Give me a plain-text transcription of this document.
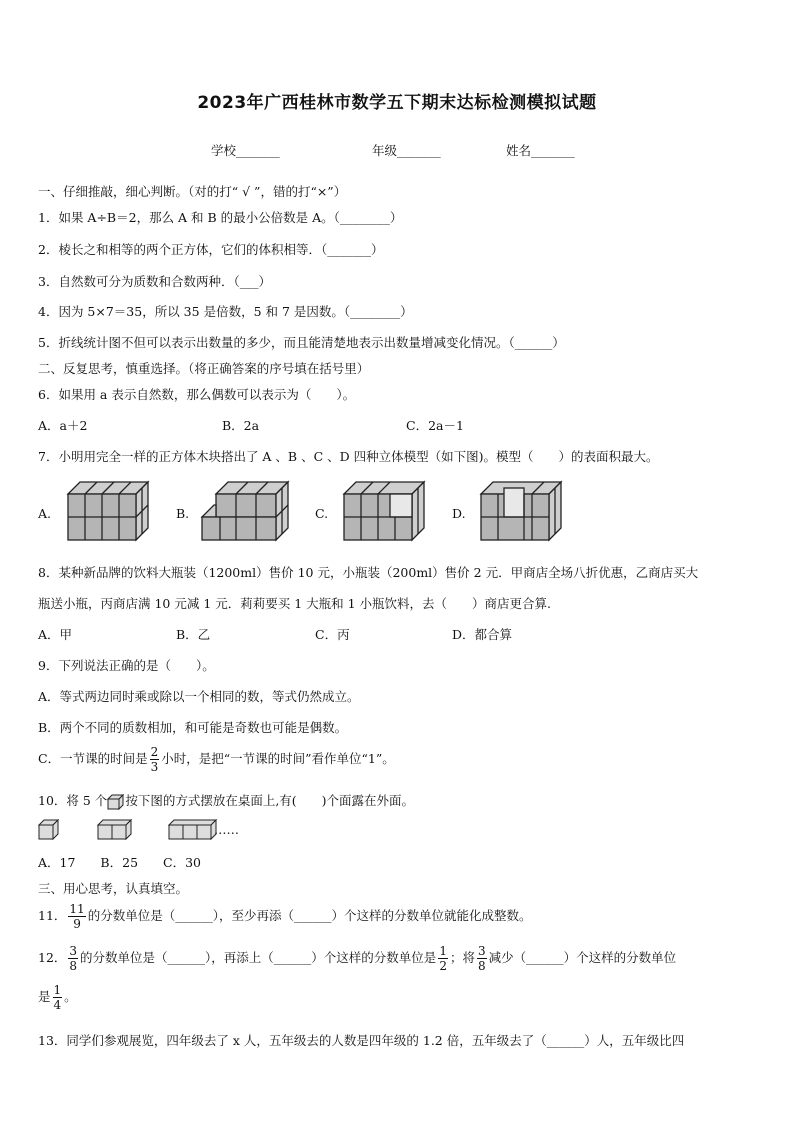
2023年广西桂林市数学五下期末达标检测模拟试题
学校_______	年级_______	姓名_______
一、仔细推敲，细心判断。（对的打“ √ ”，错的打“×”）
1．如果 A÷B＝2，那么 A 和 B 的最小公倍数是 A。（________）
2．棱长之和相等的两个正方体，它们的体积相等．（_______）
3．自然数可分为质数和合数两种．（___）
4．因为 5×7＝35，所以 35 是倍数，5 和 7 是因数。（________）
5．折线统计图不但可以表示出数量的多少，而且能清楚地表示出数量增减变化情况。（______）
二、反复思考，慎重选择。（将正确答案的序号填在括号里）
6．如果用 a 表示自然数，那么偶数可以表示为（　　）。
A．a＋2	B．2a	C．2a－1
7．小明用完全一样的正方体木块搭出了 A 、B 、C 、D 四种立体模型（如下图)。模型（　　）的表面积最大。
A.	B.	C.	D.
8．某种新品牌的饮料大瓶装（1200ml）售价 10 元，小瓶装（200ml）售价 2 元．甲商店全场八折优惠，乙商店买大
瓶送小瓶，丙商店满 10 元减 1 元．莉莉要买 1 大瓶和 1 小瓶饮料，去（　　）商店更合算.
A．甲	B．乙	C．丙	D．都合算
9．下列说法正确的是（　　）。
A．等式两边同时乘或除以一个相同的数，等式仍然成立。
B．两个不同的质数相加，和可能是奇数也可能是偶数。
C．一节课的时间是 $\frac{2}{3}$ 小时，是把“一节课的时间”看作单位“1”。
10．将 5 个 按下图的方式摆放在桌面上,有(　　)个面露在外面。
……
A．17　　B．25　　C．30
三、用心思考，认真填空。
11． $\frac{11}{9}$ 的分数单位是（______），至少再添（______）个这样的分数单位就能化成整数。
12． $\frac{3}{8}$ 的分数单位是（______），再添上（______）个这样的分数单位是 $\frac{1}{2}$ ；将 $\frac{3}{8}$ 减少（______）个这样的分数单位
是 $\frac{1}{4}$ 。
13．同学们参观展览，四年级去了 x 人，五年级去的人数是四年级的 1.2 倍，五年级去了（______）人，五年级比四
